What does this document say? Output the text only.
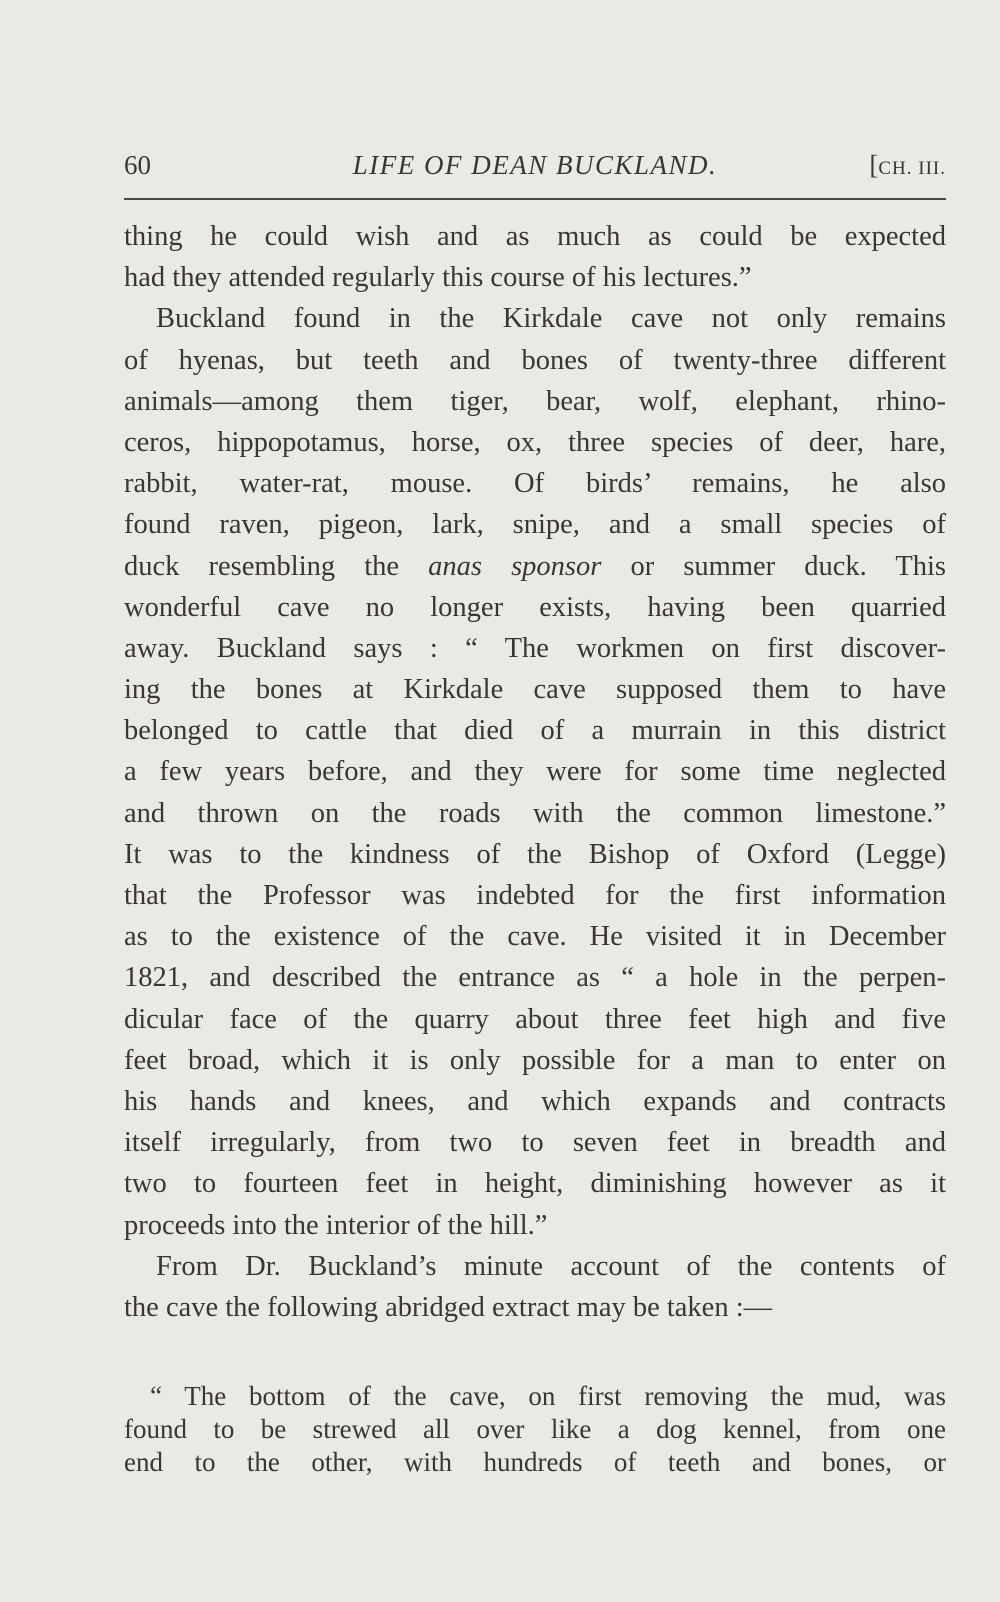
60	LIFE OF DEAN BUCKLAND.	[CH. III.
thing he could wish and as much as could be expected
had they attended regularly this course of his lectures.”
Buckland found in the Kirkdale cave not only remains
of hyenas, but teeth and bones of twenty-three different
animals—among them tiger, bear, wolf, elephant, rhino-
ceros, hippopotamus, horse, ox, three species of deer, hare,
rabbit, water-rat, mouse. Of birds’ remains, he also
found raven, pigeon, lark, snipe, and a small species of
duck resembling the anas sponsor or summer duck. This
wonderful cave no longer exists, having been quarried
away. Buckland says : “ The workmen on first discover-
ing the bones at Kirkdale cave supposed them to have
belonged to cattle that died of a murrain in this district
a few years before, and they were for some time neglected
and thrown on the roads with the common limestone.”
It was to the kindness of the Bishop of Oxford (Legge)
that the Professor was indebted for the first information
as to the existence of the cave. He visited it in December
1821, and described the entrance as “ a hole in the perpen-
dicular face of the quarry about three feet high and five
feet broad, which it is only possible for a man to enter on
his hands and knees, and which expands and contracts
itself irregularly, from two to seven feet in breadth and
two to fourteen feet in height, diminishing however as it
proceeds into the interior of the hill.”
From Dr. Buckland’s minute account of the contents of
the cave the following abridged extract may be taken :—
“ The bottom of the cave, on first removing the mud, was
found to be strewed all over like a dog kennel, from one
end to the other, with hundreds of teeth and bones, or
